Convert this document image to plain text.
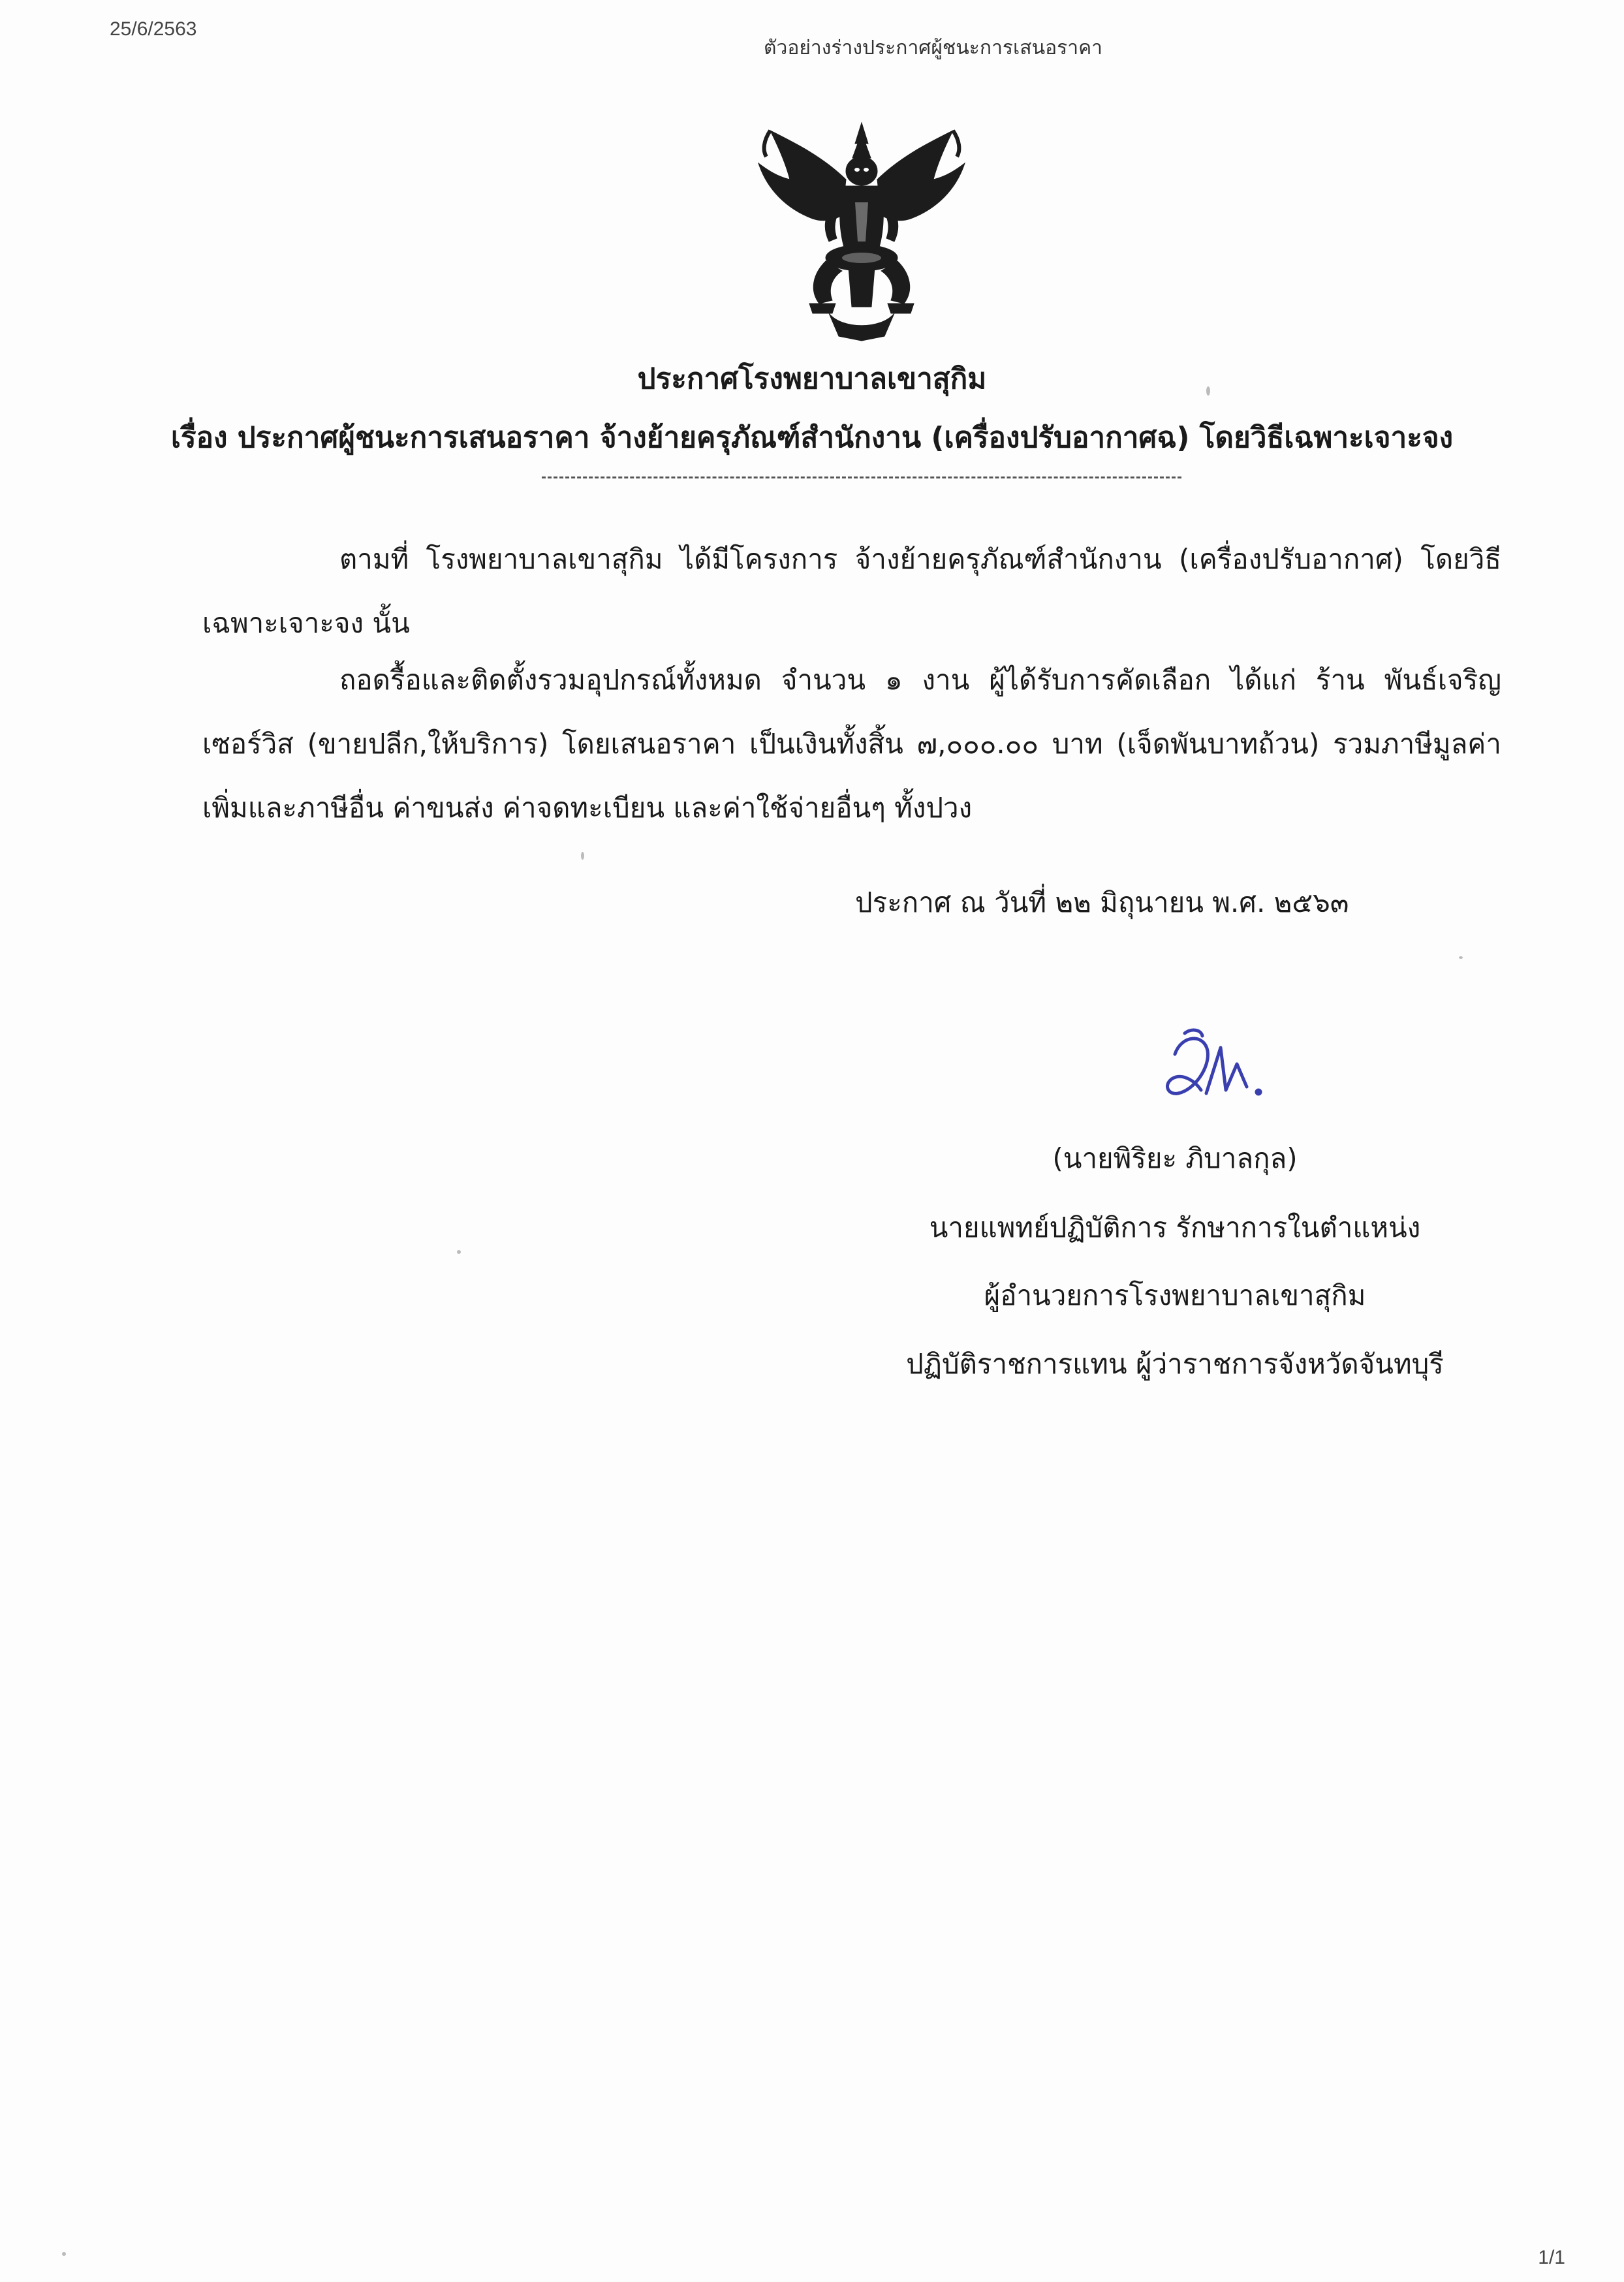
25/6/2563
ตัวอย่างร่างประกาศผู้ชนะการเสนอราคา
ประกาศโรงพยาบาลเขาสุกิม
เรื่อง ประกาศผู้ชนะการเสนอราคา จ้างย้ายครุภัณฑ์สำนักงาน (เครื่องปรับอากาศฉ) โดยวิธีเฉพาะเจาะจง
ตามที่ โรงพยาบาลเขาสุกิม ได้มีโครงการ จ้างย้ายครุภัณฑ์สำนักงาน (เครื่องปรับอากาศ) โดยวิธีเฉพาะเจาะจง นั้น
ถอดรื้อและติดตั้งรวมอุปกรณ์ทั้งหมด จำนวน ๑ งาน ผู้ได้รับการคัดเลือก ได้แก่ ร้าน พันธ์เจริญ เซอร์วิส (ขายปลีก,ให้บริการ) โดยเสนอราคา เป็นเงินทั้งสิ้น ๗,๐๐๐.๐๐ บาท (เจ็ดพันบาทถ้วน) รวมภาษีมูลค่าเพิ่มและภาษีอื่น ค่าขนส่ง ค่าจดทะเบียน และค่าใช้จ่ายอื่นๆ ทั้งปวง
ประกาศ ณ วันที่ ๒๒ มิถุนายน พ.ศ. ๒๕๖๓
(นายพิริยะ ภิบาลกุล)
นายแพทย์ปฏิบัติการ รักษาการในตำแหน่ง
ผู้อำนวยการโรงพยาบาลเขาสุกิม
ปฏิบัติราชการแทน ผู้ว่าราชการจังหวัดจันทบุรี
1/1
